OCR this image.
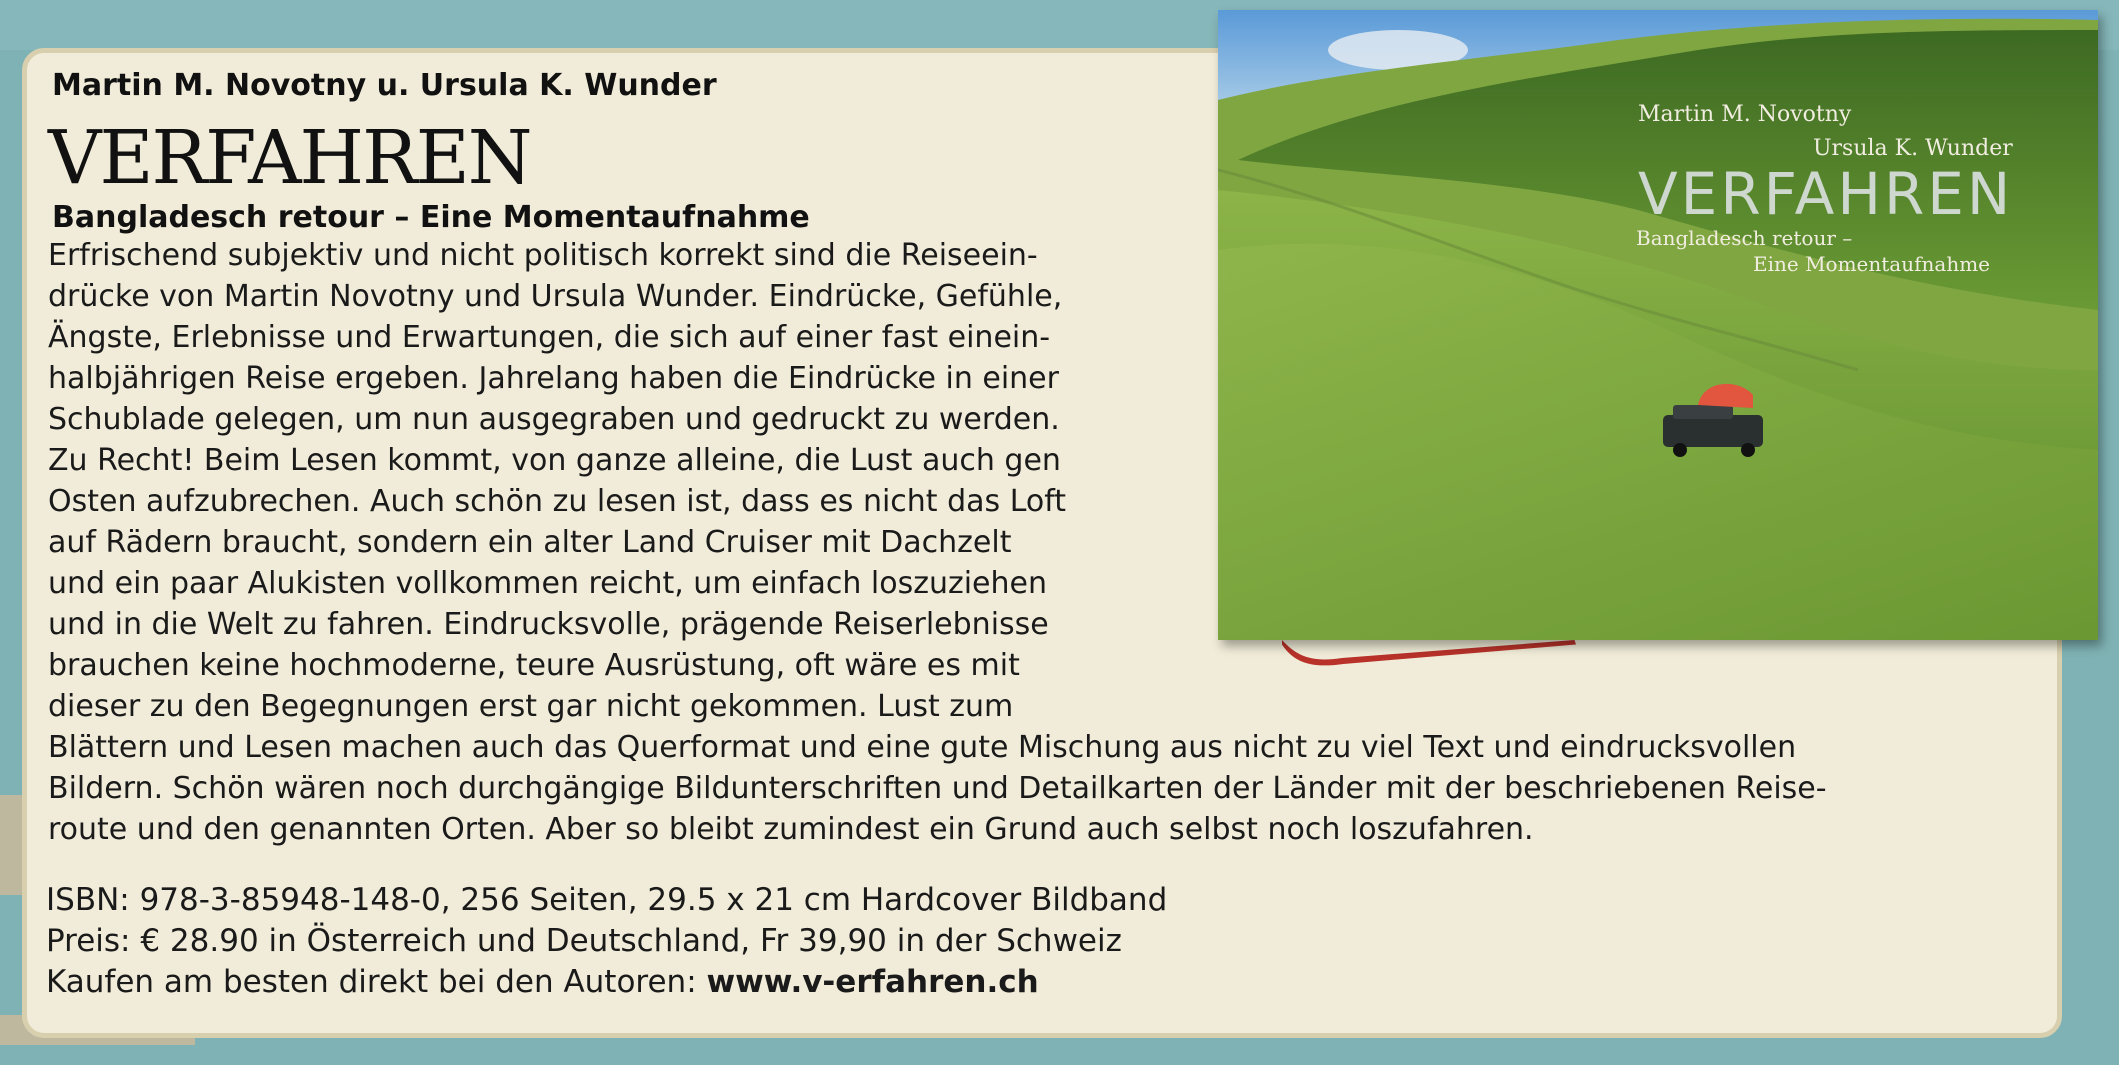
Martin M. Novotny u. Ursula K. Wunder
VERFAHREN
Bangladesch retour – Eine Momentaufnahme
Erfrischend subjektiv und nicht politisch korrekt sind die Reiseein-
drücke von Martin Novotny und Ursula Wunder. Eindrücke, Gefühle,
Ängste, Erlebnisse und Erwartungen, die sich auf einer fast einein-
halbjährigen Reise ergeben. Jahrelang haben die Eindrücke in einer
Schublade gelegen, um nun ausgegraben und gedruckt zu werden.
Zu Recht! Beim Lesen kommt, von ganze alleine, die Lust auch gen
Osten aufzubrechen. Auch schön zu lesen ist, dass es nicht das Loft
auf Rädern braucht, sondern ein alter Land Cruiser mit Dachzelt
und ein paar Alukisten vollkommen reicht, um einfach loszuziehen
und in die Welt zu fahren. Eindrucksvolle, prägende Reiserlebnisse
brauchen keine hochmoderne, teure Ausrüstung, oft wäre es mit
dieser zu den Begegnungen erst gar nicht gekommen. Lust zum
Blättern und Lesen machen auch das Querformat und eine gute Mischung aus nicht zu viel Text und eindrucksvollen
Bildern. Schön wären noch durchgängige Bildunterschriften und Detailkarten der Länder mit der beschriebenen Reise-
route und den genannten Orten. Aber so bleibt zumindest ein Grund auch selbst noch loszufahren.
ISBN: 978-3-85948-148-0, 256 Seiten, 29.5 x 21 cm Hardcover Bildband
Preis: € 28.90 in Österreich und Deutschland, Fr 39,90 in der Schweiz
Kaufen am besten direkt bei den Autoren: www.v-erfahren.ch
Martin M. Novotny
Ursula K. Wunder
VERFAHREN
Bangladesch retour –
Eine Momentaufnahme
